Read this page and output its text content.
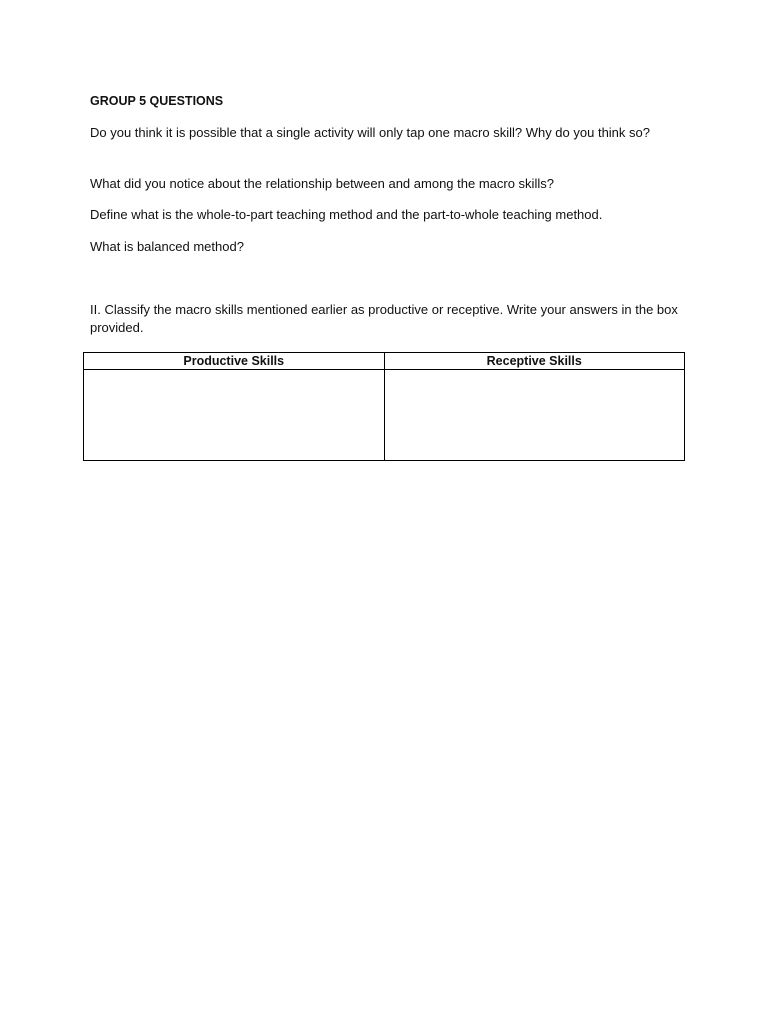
GROUP 5 QUESTIONS

Do you think it is possible that a single activity will only tap one macro skill? Why do you think so?

What did you notice about the relationship between and among the macro skills?

Define what is the whole-to-part teaching method and the part-to-whole teaching method.

What is balanced method?

II. Classify the macro skills mentioned earlier as productive or receptive. Write your answers in the box provided.

Productive Skills	Receptive Skills
